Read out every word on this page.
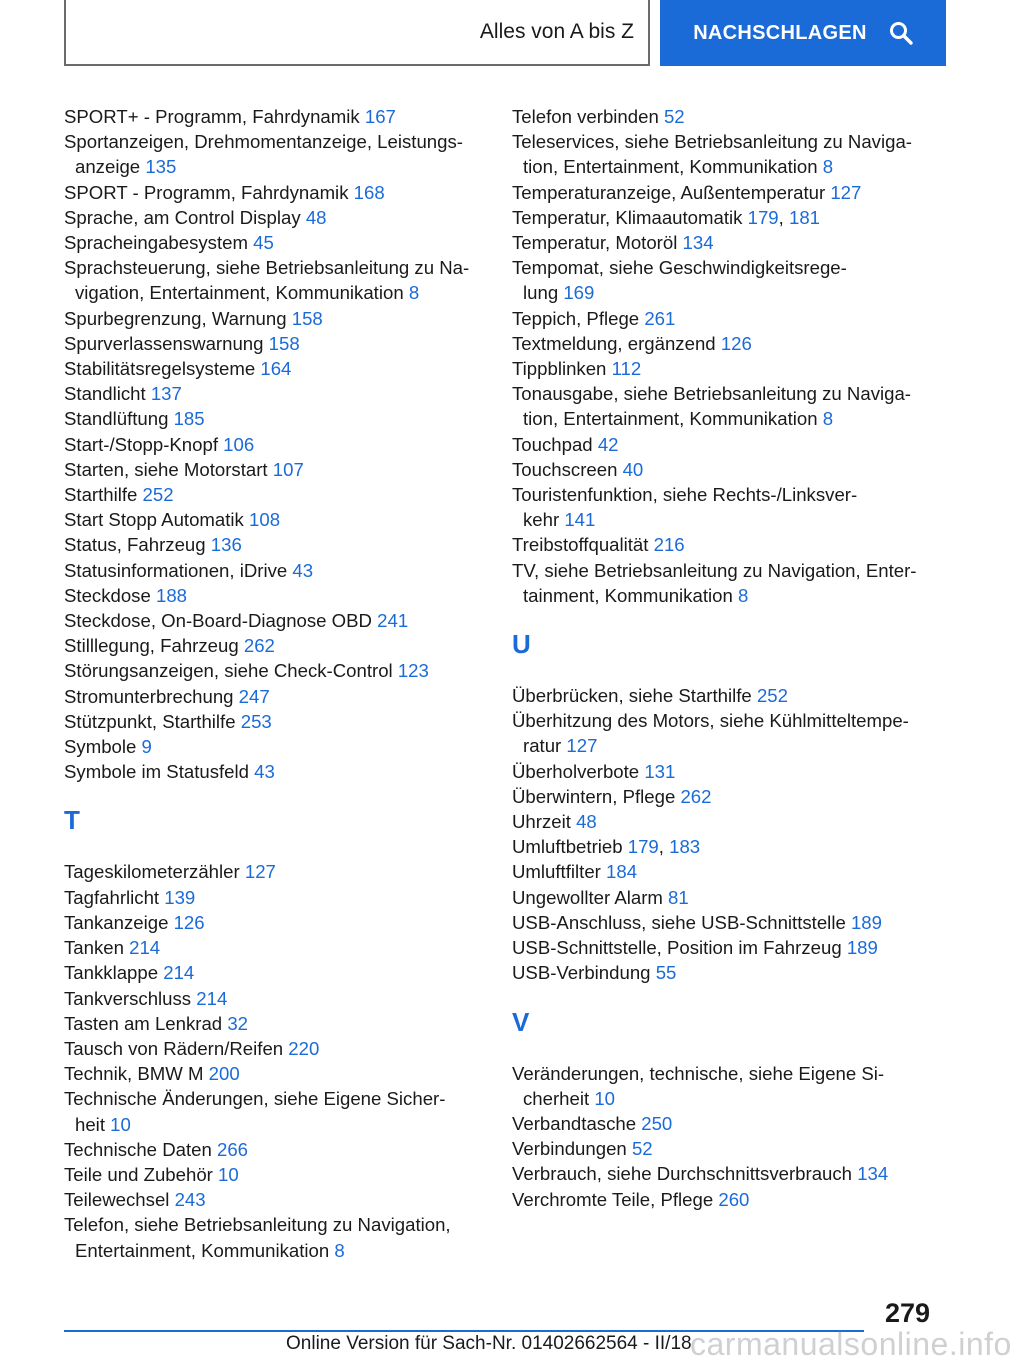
Alles von A bis Z	NACHSCHLAGEN
SPORT+ - Programm, Fahrdynamik 167
Sportanzeigen, Drehmomentanzeige, Leistungs-
anzeige 135
SPORT - Programm, Fahrdynamik 168
Sprache, am Control Display 48
Spracheingabesystem 45
Sprachsteuerung, siehe Betriebsanleitung zu Na-
vigation, Entertainment, Kommunikation 8
Spurbegrenzung, Warnung 158
Spurverlassenswarnung 158
Stabilitätsregelsysteme 164
Standlicht 137
Standlüftung 185
Start-/Stopp-Knopf 106
Starten, siehe Motorstart 107
Starthilfe 252
Start Stopp Automatik 108
Status, Fahrzeug 136
Statusinformationen, iDrive 43
Steckdose 188
Steckdose, On-Board-Diagnose OBD 241
Stilllegung, Fahrzeug 262
Störungsanzeigen, siehe Check-Control 123
Stromunterbrechung 247
Stützpunkt, Starthilfe 253
Symbole 9
Symbole im Statusfeld 43
T
Tageskilometerzähler 127
Tagfahrlicht 139
Tankanzeige 126
Tanken 214
Tankklappe 214
Tankverschluss 214
Tasten am Lenkrad 32
Tausch von Rädern/Reifen 220
Technik, BMW M 200
Technische Änderungen, siehe Eigene Sicher-
heit 10
Technische Daten 266
Teile und Zubehör 10
Teilewechsel 243
Telefon, siehe Betriebsanleitung zu Navigation,
Entertainment, Kommunikation 8
Telefon verbinden 52
Teleservices, siehe Betriebsanleitung zu Naviga-
tion, Entertainment, Kommunikation 8
Temperaturanzeige, Außentemperatur 127
Temperatur, Klimaautomatik 179, 181
Temperatur, Motoröl 134
Tempomat, siehe Geschwindigkeitsrege-
lung 169
Teppich, Pflege 261
Textmeldung, ergänzend 126
Tippblinken 112
Tonausgabe, siehe Betriebsanleitung zu Naviga-
tion, Entertainment, Kommunikation 8
Touchpad 42
Touchscreen 40
Touristenfunktion, siehe Rechts-/Linksver-
kehr 141
Treibstoffqualität 216
TV, siehe Betriebsanleitung zu Navigation, Enter-
tainment, Kommunikation 8
U
Überbrücken, siehe Starthilfe 252
Überhitzung des Motors, siehe Kühlmitteltempe-
ratur 127
Überholverbote 131
Überwintern, Pflege 262
Uhrzeit 48
Umluftbetrieb 179, 183
Umluftfilter 184
Ungewollter Alarm 81
USB-Anschluss, siehe USB-Schnittstelle 189
USB-Schnittstelle, Position im Fahrzeug 189
USB-Verbindung 55
V
Veränderungen, technische, siehe Eigene Si-
cherheit 10
Verbandtasche 250
Verbindungen 52
Verbrauch, siehe Durchschnittsverbrauch 134
Verchromte Teile, Pflege 260
279
Online Version für Sach-Nr. 01402662564 - II/18
carmanualsonline.info
